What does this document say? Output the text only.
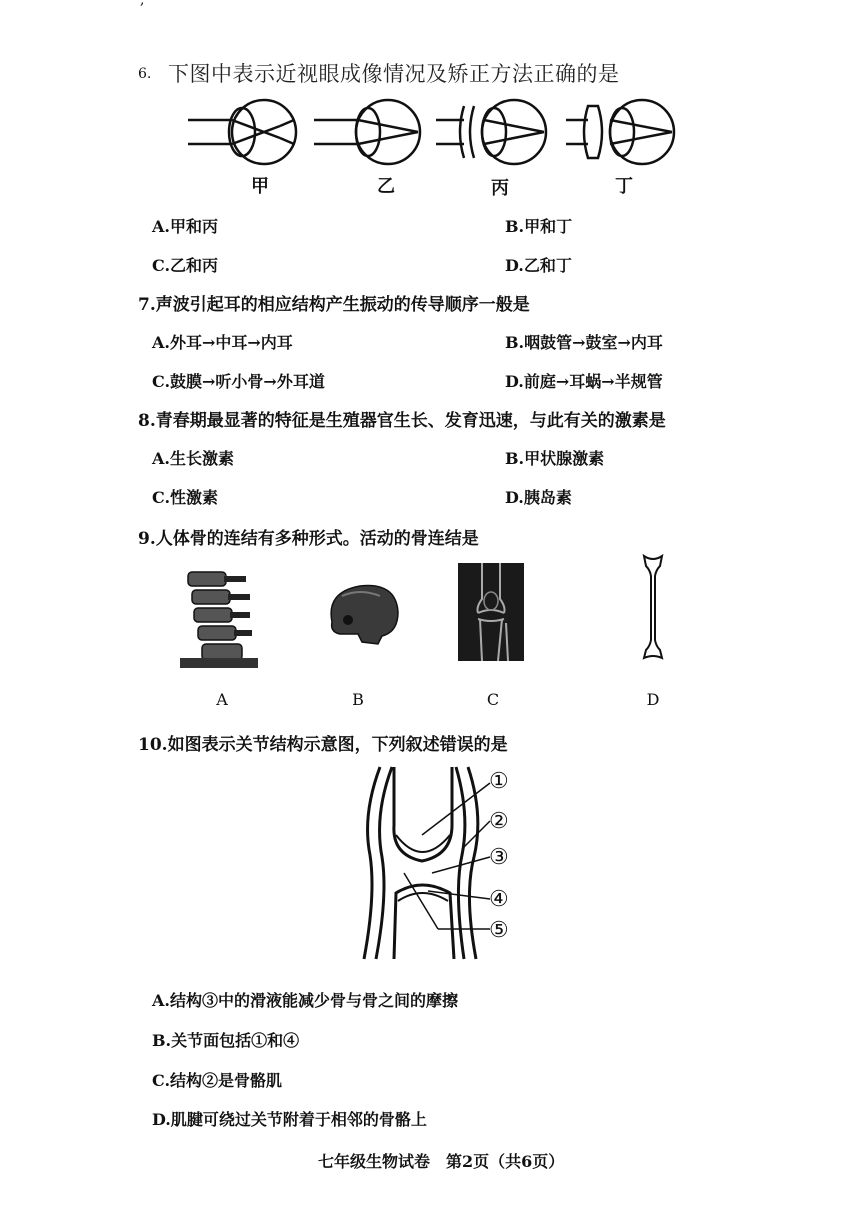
,
6. 下图中表示近视眼成像情况及矫正方法正确的是
甲	乙	丙	丁
A.甲和丙	B.甲和丁
C.乙和丙	D.乙和丁
7.声波引起耳的相应结构产生振动的传导顺序一般是
A.外耳→中耳→内耳	B.咽鼓管→鼓室→内耳
C.鼓膜→听小骨→外耳道	D.前庭→耳蜗→半规管
8.青春期最显著的特征是生殖器官生长、发育迅速，与此有关的激素是
A.生长激素	B.甲状腺激素
C.性激素	D.胰岛素
9.人体骨的连结有多种形式。活动的骨连结是
A	B	C	D
10.如图表示关节结构示意图，下列叙述错误的是
①
②
③
④
⑤
A.结构③中的滑液能减少骨与骨之间的摩擦
B.关节面包括①和④
C.结构②是骨骼肌
D.肌腱可绕过关节附着于相邻的骨骼上
七年级生物试卷　第2页（共6页）
